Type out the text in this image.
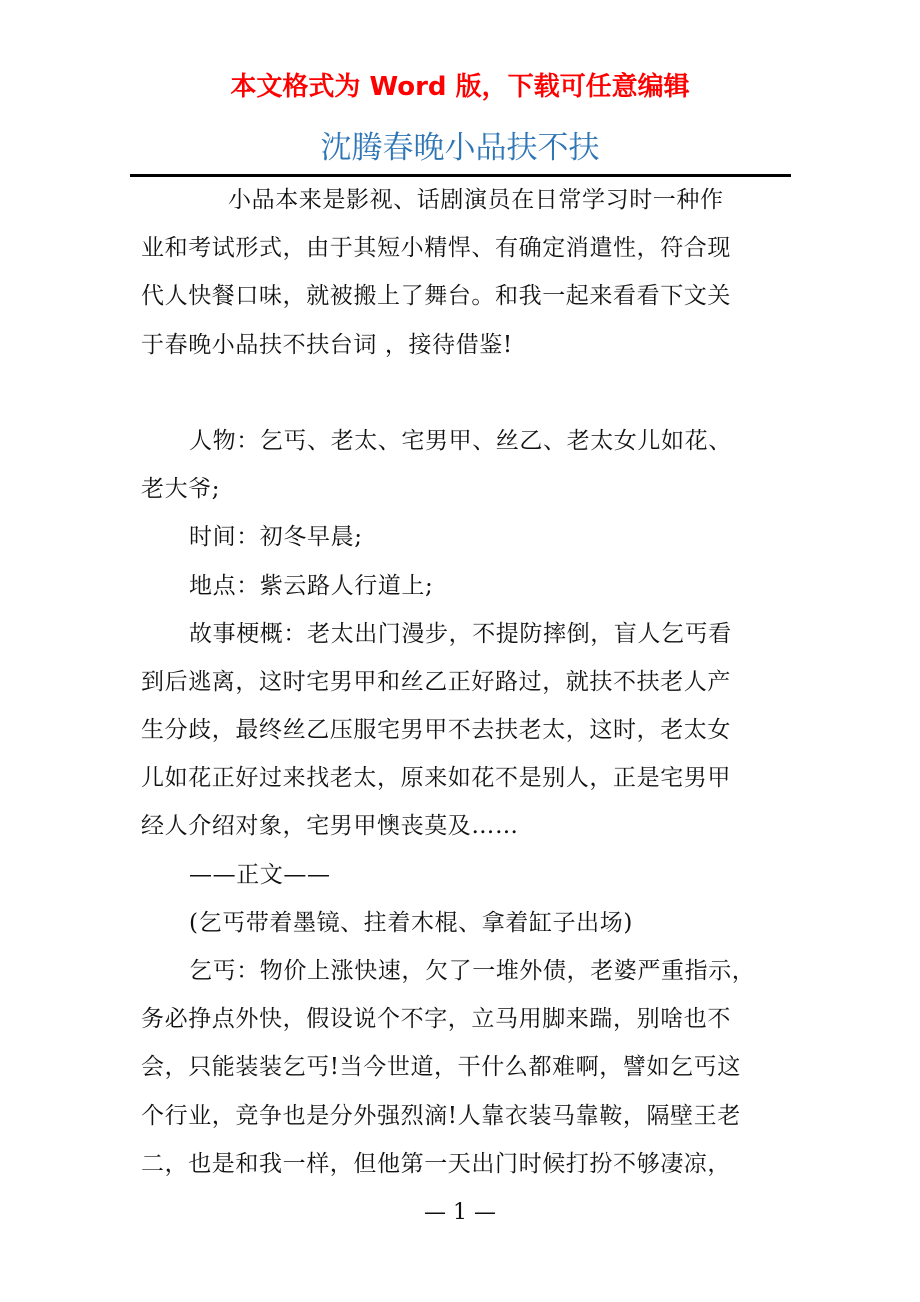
本文格式为 Word 版，下载可任意编辑
沈腾春晚小品扶不扶
小品本来是影视、话剧演员在日常学习时一种作
业和考试形式，由于其短小精悍、有确定消遣性，符合现
代人快餐口味，就被搬上了舞台。和我一起来看看下文关
于春晚小品扶不扶台词 ，接待借鉴!
人物：乞丐、老太、宅男甲、丝乙、老太女儿如花、
老大爷;
时间：初冬早晨;
地点：紫云路人行道上;
故事梗概：老太出门漫步，不提防摔倒，盲人乞丐看
到后逃离，这时宅男甲和丝乙正好路过，就扶不扶老人产
生分歧，最终丝乙压服宅男甲不去扶老太，这时，老太女
儿如花正好过来找老太，原来如花不是别人，正是宅男甲
经人介绍对象，宅男甲懊丧莫及……
——正文——
(乞丐带着墨镜、拄着木棍、拿着缸子出场)
乞丐：物价上涨快速，欠了一堆外债，老婆严重指示，
务必挣点外快，假设说个不字，立马用脚来踹，别啥也不
会，只能装装乞丐!当今世道，干什么都难啊，譬如乞丐这
个行业，竞争也是分外强烈滴!人靠衣装马靠鞍，隔壁王老
二，也是和我一样，但他第一天出门时候打扮不够凄凉，
— 1 —
